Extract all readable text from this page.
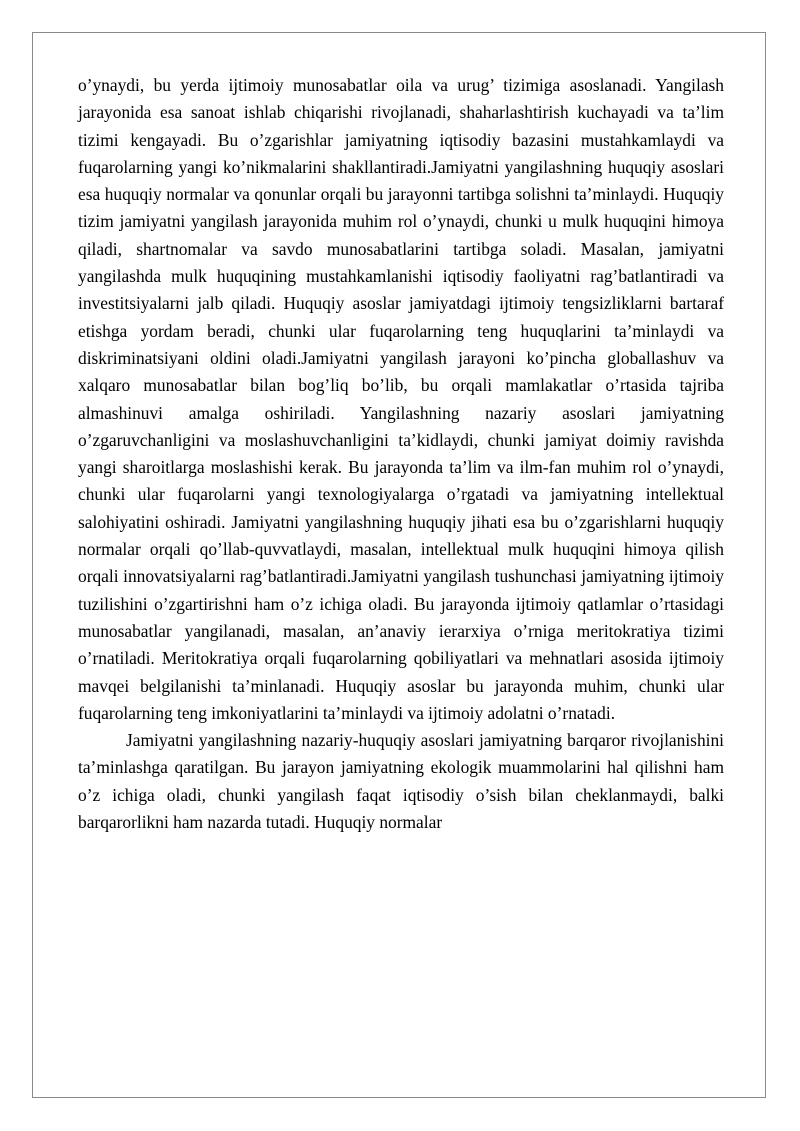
o’ynaydi, bu yerda ijtimoiy munosabatlar oila va urug’ tizimiga asoslanadi. Yangilash jarayonida esa sanoat ishlab chiqarishi rivojlanadi, shaharlashtirish kuchayadi va ta’lim tizimi kengayadi. Bu o’zgarishlar jamiyatning iqtisodiy bazasini mustahkamlaydi va fuqarolarning yangi ko’nikmalarini shakllantiradi.Jamiyatni yangilashning huquqiy asoslari esa huquqiy normalar va qonunlar orqali bu jarayonni tartibga solishni ta’minlaydi. Huquqiy tizim jamiyatni yangilash jarayonida muhim rol o’ynaydi, chunki u mulk huquqini himoya qiladi, shartnomalar va savdo munosabatlarini tartibga soladi. Masalan, jamiyatni yangilashda mulk huquqining mustahkamlanishi iqtisodiy faoliyatni rag’batlantiradi va investitsiyalarni jalb qiladi. Huquqiy asoslar jamiyatdagi ijtimoiy tengsizliklarni bartaraf etishga yordam beradi, chunki ular fuqarolarning teng huquqlarini ta’minlaydi va diskriminatsiyani oldini oladi.Jamiyatni yangilash jarayoni ko’pincha globallashuv va xalqaro munosabatlar bilan bog’liq bo’lib, bu orqali mamlakatlar o’rtasida tajriba almashinuvi amalga oshiriladi. Yangilashning nazariy asoslari jamiyatning o’zgaruvchanligini va moslashuvchanligini ta’kidlaydi, chunki jamiyat doimiy ravishda yangi sharoitlarga moslashishi kerak. Bu jarayonda ta’lim va ilm-fan muhim rol o’ynaydi, chunki ular fuqarolarni yangi texnologiyalarga o’rgatadi va jamiyatning intellektual salohiyatini oshiradi. Jamiyatni yangilashning huquqiy jihati esa bu o’zgarishlarni huquqiy normalar orqali qo’llab-quvvatlaydi, masalan, intellektual mulk huquqini himoya qilish orqali innovatsiyalarni rag’batlantiradi.Jamiyatni yangilash tushunchasi jamiyatning ijtimoiy tuzilishini o’zgartirishni ham o’z ichiga oladi. Bu jarayonda ijtimoiy qatlamlar o’rtasidagi munosabatlar yangilanadi, masalan, an’anaviy ierarxiya o’rniga meritokratiya tizimi o’rnatiladi. Meritokratiya orqali fuqarolarning qobiliyatlari va mehnatlari asosida ijtimoiy mavqei belgilanishi ta’minlanadi. Huquqiy asoslar bu jarayonda muhim, chunki ular fuqarolarning teng imkoniyatlarini ta’minlaydi va ijtimoiy adolatni o’rnatadi.

Jamiyatni yangilashning nazariy-huquqiy asoslari jamiyatning barqaror rivojlanishini ta’minlashga qaratilgan. Bu jarayon jamiyatning ekologik muammolarini hal qilishni ham o’z ichiga oladi, chunki yangilash faqat iqtisodiy o’sish bilan cheklanmaydi, balki barqarorlikni ham nazarda tutadi. Huquqiy normalar
